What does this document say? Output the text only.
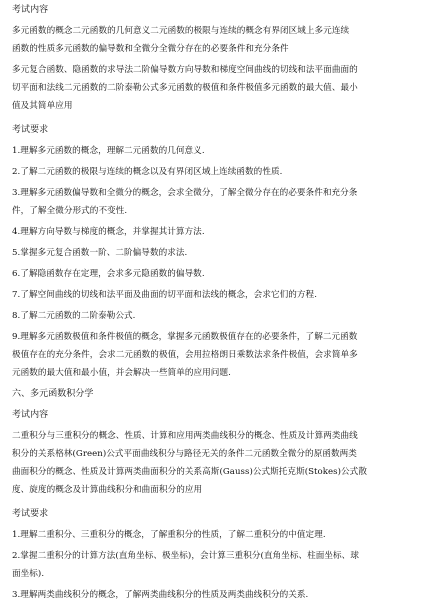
考试内容
多元函数的概念二元函数的几何意义二元函数的极限与连续的概念有界闭区域上多元连续
函数的性质多元函数的偏导数和全微分全微分存在的必要条件和充分条件
多元复合函数、隐函数的求导法二阶偏导数方向导数和梯度空间曲线的切线和法平面曲面的
切平面和法线二元函数的二阶泰勒公式多元函数的极值和条件极值多元函数的最大值、最小
值及其简单应用
考试要求
1.理解多元函数的概念，理解二元函数的几何意义.
2.了解二元函数的极限与连续的概念以及有界闭区域上连续函数的性质.
3.理解多元函数偏导数和全微分的概念，会求全微分，了解全微分存在的必要条件和充分条
件，了解全微分形式的不变性.
4.理解方向导数与梯度的概念，并掌握其计算方法.
5.掌握多元复合函数一阶、二阶偏导数的求法.
6.了解隐函数存在定理，会求多元隐函数的偏导数.
7.了解空间曲线的切线和法平面及曲面的切平面和法线的概念，会求它们的方程.
8.了解二元函数的二阶泰勒公式.
9.理解多元函数极值和条件极值的概念，掌握多元函数极值存在的必要条件，了解二元函数
极值存在的充分条件，会求二元函数的极值，会用拉格朗日乘数法求条件极值，会求简单多
元函数的最大值和最小值，并会解决一些简单的应用问题.
六、多元函数积分学
考试内容
二重积分与三重积分的概念、性质、计算和应用两类曲线积分的概念、性质及计算两类曲线
积分的关系格林(Green)公式平面曲线积分与路径无关的条件二元函数全微分的原函数两类
曲面积分的概念、性质及计算两类曲面积分的关系高斯(Gauss)公式斯托克斯(Stokes)公式散
度、旋度的概念及计算曲线积分和曲面积分的应用
考试要求
1.理解二重积分、三重积分的概念，了解重积分的性质，了解二重积分的中值定理.
2.掌握二重积分的计算方法(直角坐标、极坐标)，会计算三重积分(直角坐标、柱面坐标、球
面坐标).
3.理解两类曲线积分的概念，了解两类曲线积分的性质及两类曲线积分的关系.
